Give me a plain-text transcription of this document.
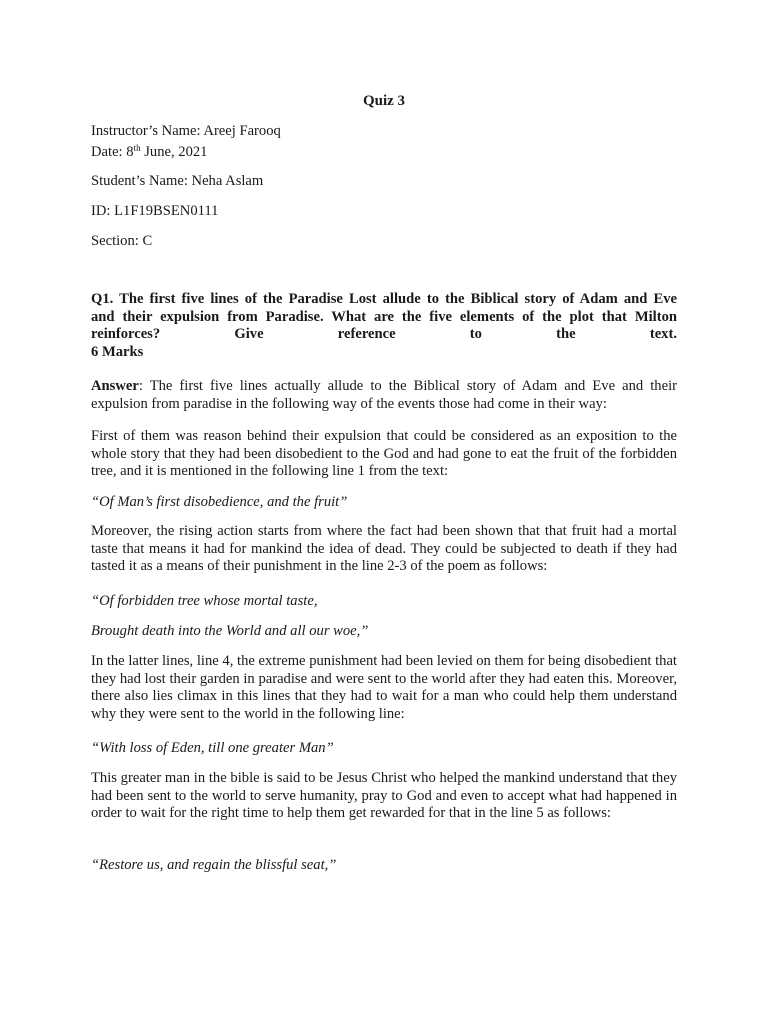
Quiz 3
Instructor’s Name: Areej Farooq
Date: 8th June, 2021
Student’s Name: Neha Aslam
ID: L1F19BSEN0111
Section: C
Q1. The first five lines of the Paradise Lost allude to the Biblical story of Adam and Eve
and their expulsion from Paradise. What are the five elements of the plot that Milton
reinforces? Give reference to the text.
6 Marks
Answer: The first five lines actually allude to the Biblical story of Adam and Eve and their expulsion from paradise in the following way of the events those had come in their way:
First of them was reason behind their expulsion that could be considered as an exposition to the whole story that they had been disobedient to the God and had gone to eat the fruit of the forbidden tree, and it is mentioned in the following line 1 from the text:
“Of Man’s first disobedience, and the fruit”
Moreover, the rising action starts from where the fact had been shown that that fruit had a mortal taste that means it had for mankind the idea of dead. They could be subjected to death if they had tasted it as a means of their punishment in the line 2-3 of the poem as follows:
“Of forbidden tree whose mortal taste,
Brought death into the World and all our woe,”
In the latter lines, line 4, the extreme punishment had been levied on them for being disobedient that they had lost their garden in paradise and were sent to the world after they had eaten this. Moreover, there also lies climax in this lines that they had to wait for a man who could help them understand why they were sent to the world in the following line:
“With loss of Eden, till one greater Man”
This greater man in the bible is said to be Jesus Christ who helped the mankind understand that they had been sent to the world to serve humanity, pray to God and even to accept what had happened in order to wait for the right time to help them get rewarded for that in the line 5 as follows:
“Restore us, and regain the blissful seat,”
